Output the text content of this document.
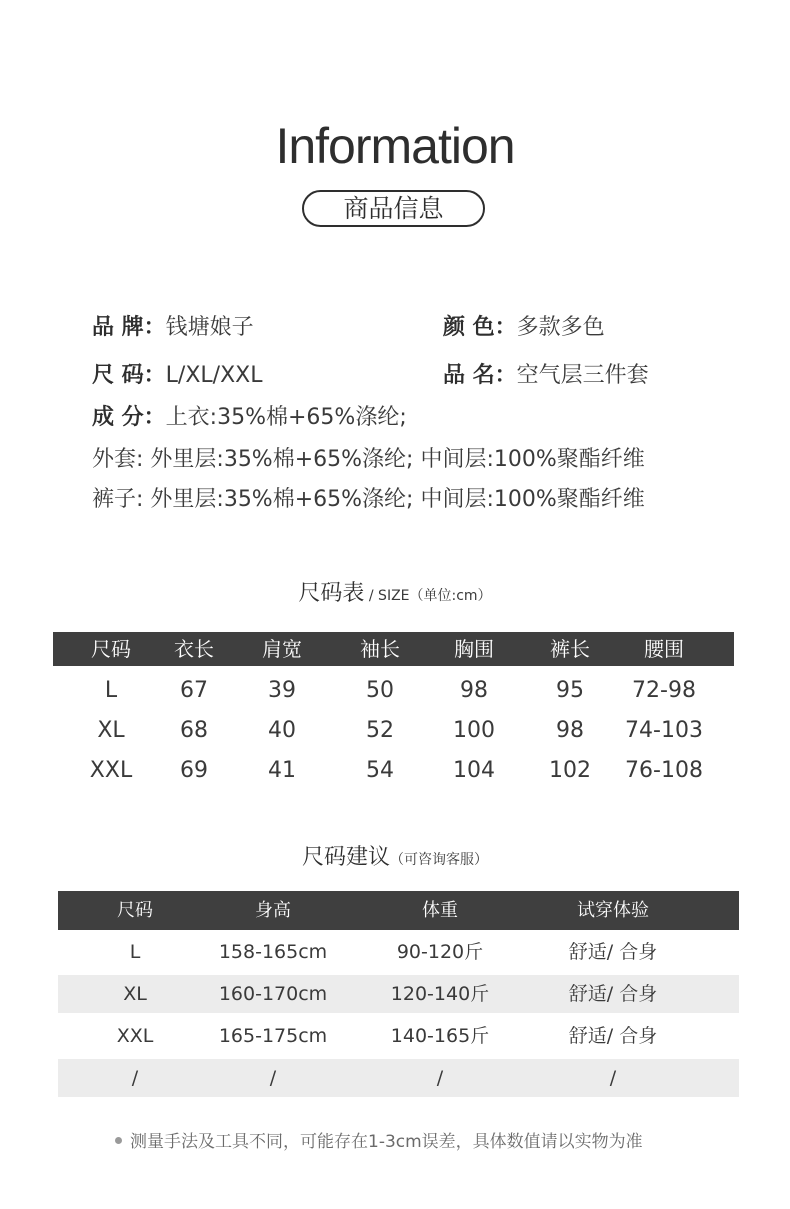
Information
商品信息
品 牌：钱塘娘子	颜 色：多款多色
尺 码：L/XL/XXL	品 名：空气层三件套
成 分：上衣:35%棉+65%涤纶;
外套: 外里层:35%棉+65%涤纶; 中间层:100%聚酯纤维
裤子: 外里层:35%棉+65%涤纶; 中间层:100%聚酯纤维
尺码表 / SIZE（单位:cm）
尺码	衣长	肩宽	袖长	胸围	裤长	腰围
L	67	39	50	98	95	72-98
XL	68	40	52	100	98	74-103
XXL	69	41	54	104	102	76-108
尺码建议（可咨询客服）
尺码	身高	体重	试穿体验
L	158-165cm	90-120斤	舒适/ 合身
XL	160-170cm	120-140斤	舒适/ 合身
XXL	165-175cm	140-165斤	舒适/ 合身
/	/	/	/
测量手法及工具不同，可能存在1-3cm误差，具体数值请以实物为准
